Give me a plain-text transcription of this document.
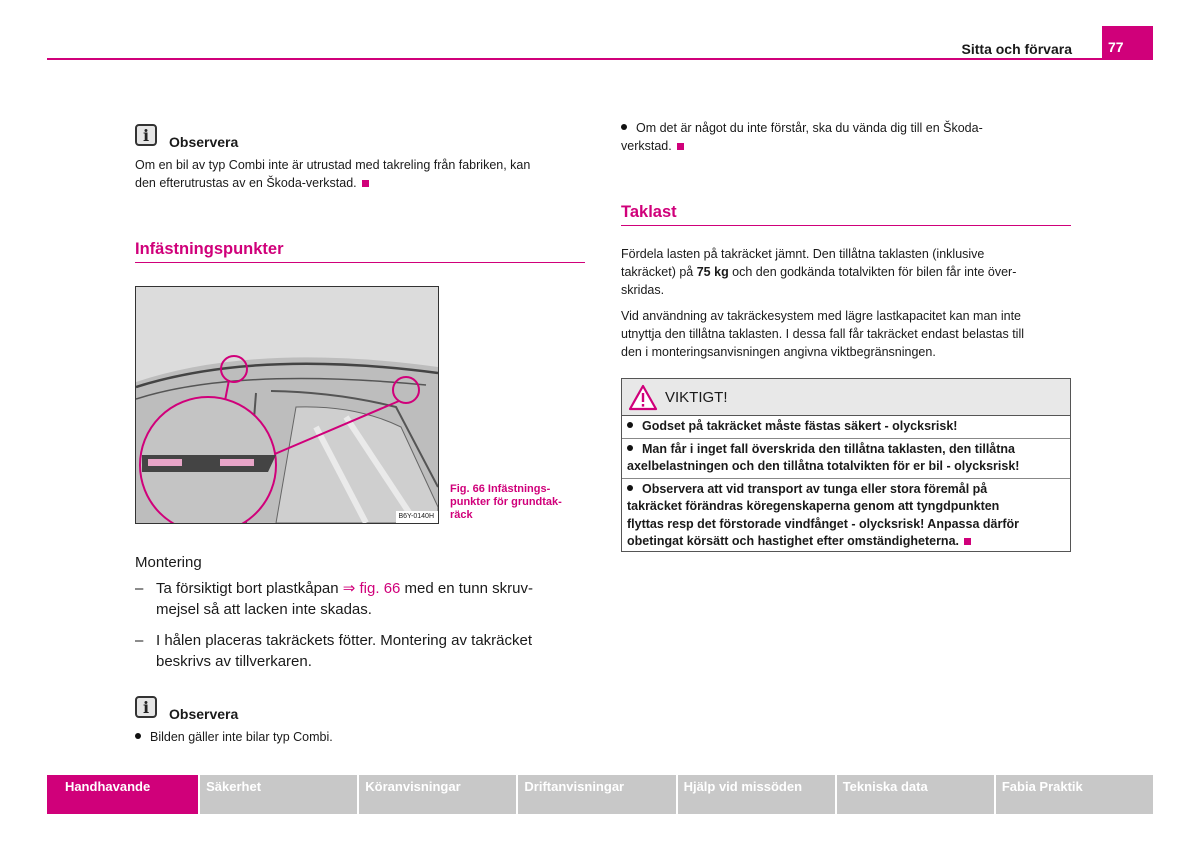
Sitta och förvara	77
i	Observera
Om en bil av typ Combi inte är utrustad med takreling från fabriken, kan
den efterutrustas av en Škoda-verkstad.
Infästningspunkter
B6Y-0140H
Fig. 66 Infästnings-
punkter för grundtak-
räck
Montering
– Ta försiktigt bort plastkåpan ⇒ fig. 66 med en tunn skruv-
mejsel så att lacken inte skadas.
– I hålen placeras takräckets fötter. Montering av takräcket
beskrivs av tillverkaren.
i	Observera
Bilden gäller inte bilar typ Combi.
Om det är något du inte förstår, ska du vända dig till en Škoda-
verkstad.
Taklast
Fördela lasten på takräcket jämnt. Den tillåtna taklasten (inklusive
takräcket) på 75 kg och den godkända totalvikten för bilen får inte över-
skridas.
Vid användning av takräckesystem med lägre lastkapacitet kan man inte
utnyttja den tillåtna taklasten. I dessa fall får takräcket endast belastas till
den i monteringsanvisningen angivna viktbegränsningen.
VIKTIGT!
Godset på takräcket måste fästas säkert - olycksrisk!
Man får i inget fall överskrida den tillåtna taklasten, den tillåtna
axelbelastningen och den tillåtna totalvikten för er bil - olycksrisk!
Observera att vid transport av tunga eller stora föremål på
takräcket förändras köregenskaperna genom att tyngdpunkten
flyttas resp det förstorade vindfånget - olycksrisk! Anpassa därför
obetingat körsätt och hastighet efter omständigheterna.
Handhavande	Säkerhet	Köranvisningar	Driftanvisningar	Hjälp vid missöden	Tekniska data	Fabia Praktik
